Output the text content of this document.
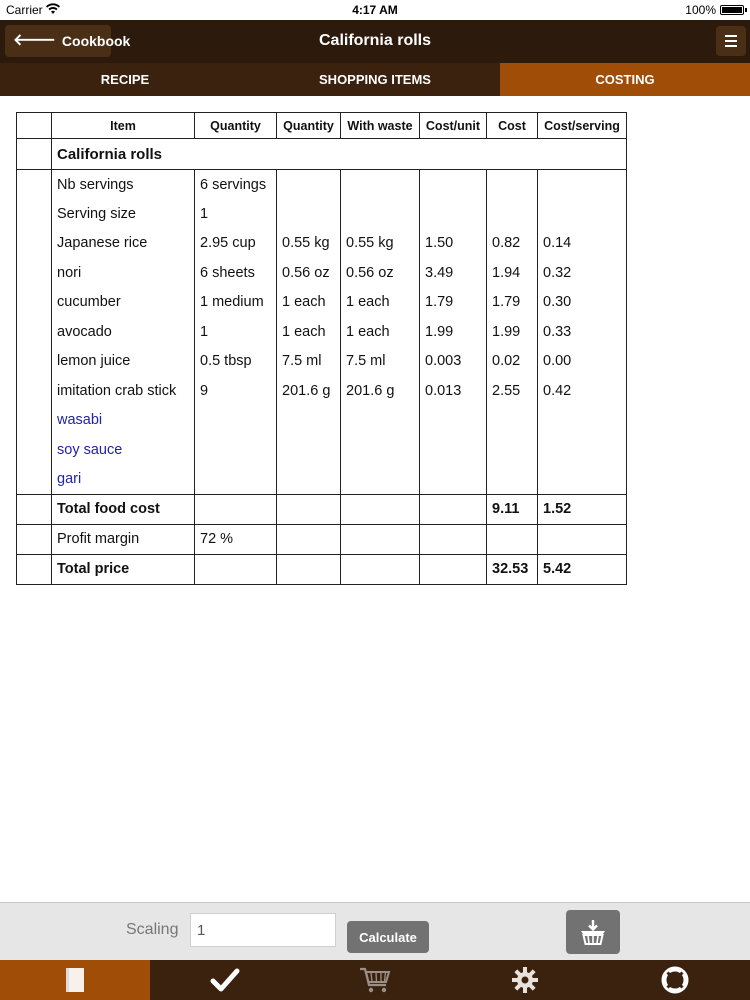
Carrier	4:17 AM	100%
🡐 Cookbook	California rolls
RECIPE	SHOPPING ITEMS	COSTING
	Item	Quantity	Quantity	With waste	Cost/unit	Cost	Cost/serving
	California rolls						
	Nb servings	6 servings					
	Serving size	1					
	Japanese rice	2.95 cup	0.55 kg	0.55 kg	1.50	0.82	0.14
	nori	6 sheets	0.56 oz	0.56 oz	3.49	1.94	0.32
	cucumber	1 medium	1 each	1 each	1.79	1.79	0.30
	avocado	1	1 each	1 each	1.99	1.99	0.33
	lemon juice	0.5 tbsp	7.5 ml	7.5 ml	0.003	0.02	0.00
	imitation crab stick	9	201.6 g	201.6 g	0.013	2.55	0.42
	wasabi						
	soy sauce						
	gari						
	Total food cost					9.11	1.52
	Profit margin	72 %					
	Total price					32.53	5.42
Scaling
1	Calculate
